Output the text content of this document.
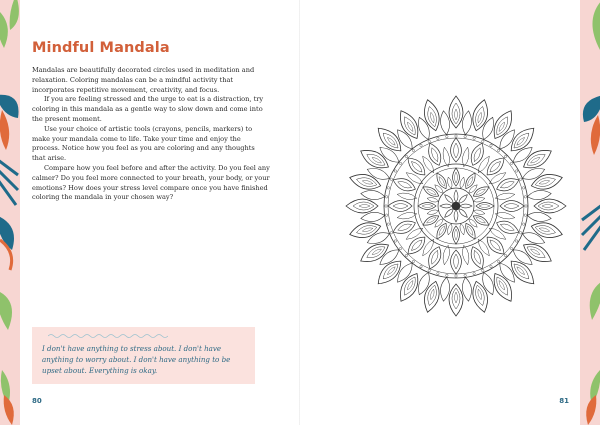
Mindful Mandala

Mandalas are beautifully decorated circles used in meditation and relaxation. Coloring mandalas can be a mindful activity that incorporates repetitive movement, creativity, and focus.

If you are feeling stressed and the urge to eat is a distraction, try coloring in this mandala as a gentle way to slow down and come into the present moment.

Use your choice of artistic tools (crayons, pencils, markers) to make your mandala come to life. Take your time and enjoy the process. Notice how you feel as you are coloring and any thoughts that arise.

Compare how you feel before and after the activity. Do you feel any calmer? Do you feel more connected to your breath, your body, or your emotions? How does your stress level compare once you have finished coloring the mandala in your chosen way?

I don't have anything to stress about. I don't have anything to worry about. I don't have anything to be upset about. Everything is okay.
80	81
